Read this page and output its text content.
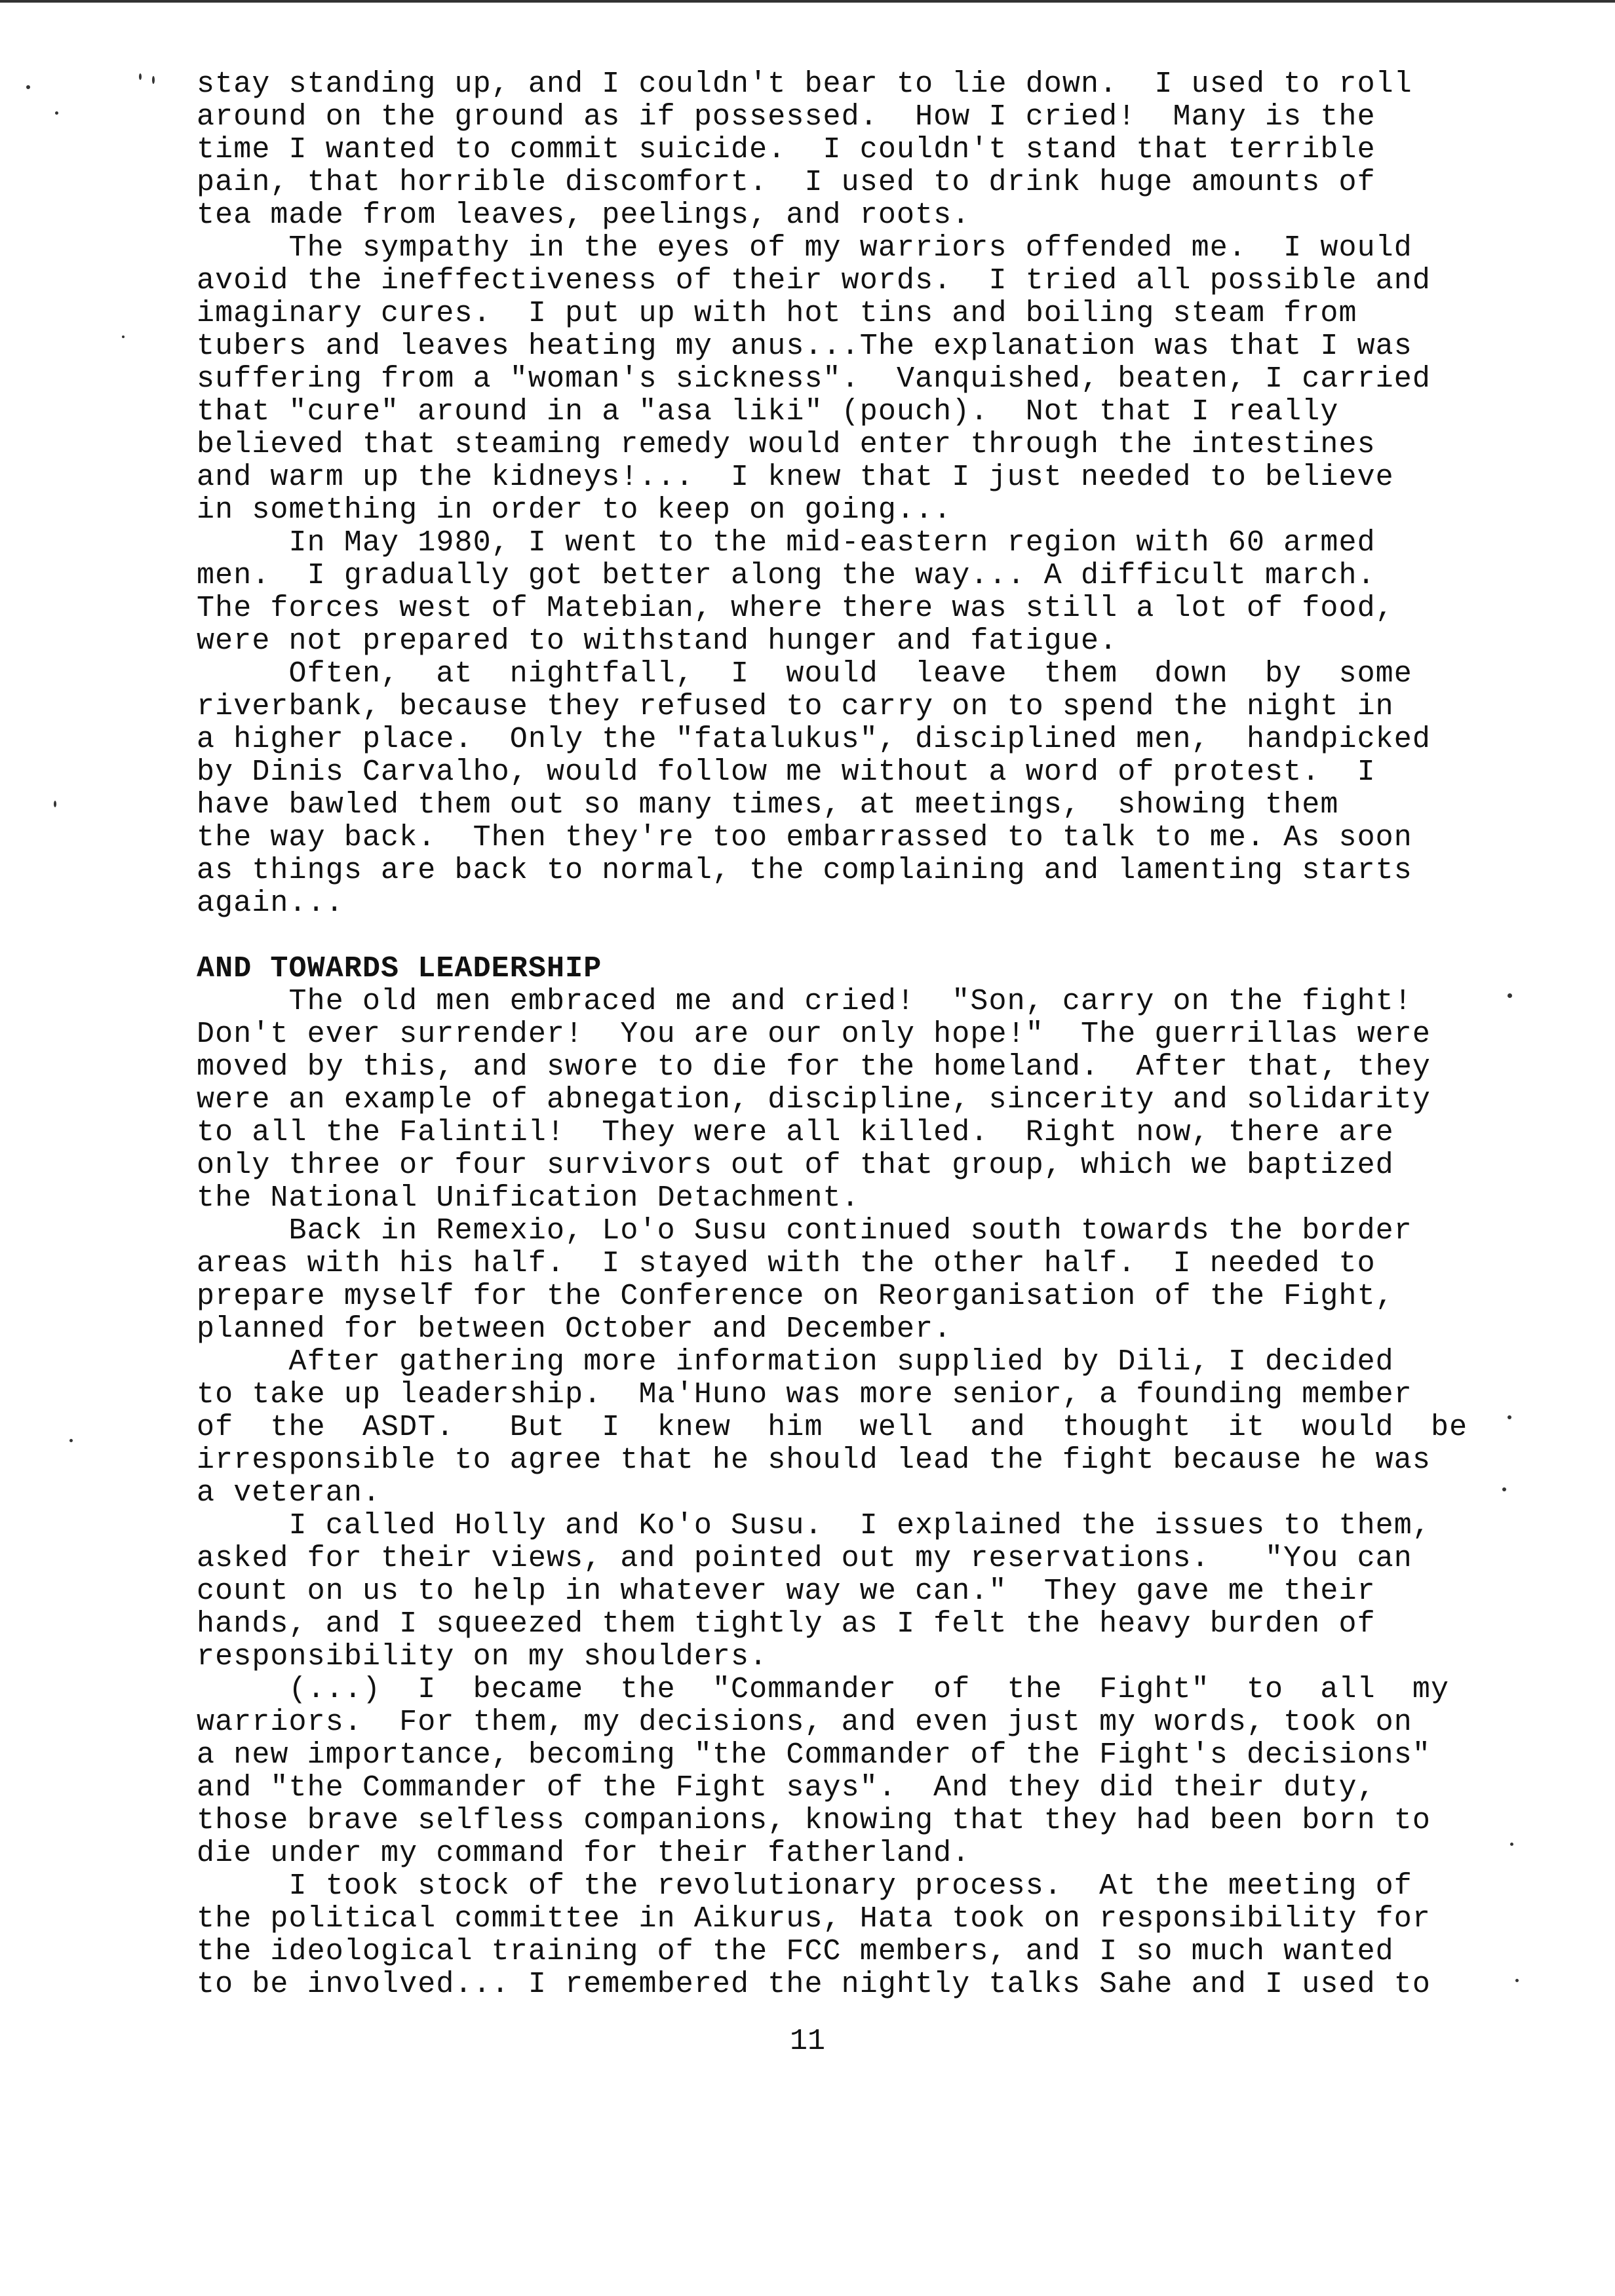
stay standing up, and I couldn't bear to lie down.  I used to roll
around on the ground as if possessed.  How I cried!  Many is the
time I wanted to commit suicide.  I couldn't stand that terrible
pain, that horrible discomfort.  I used to drink huge amounts of
tea made from leaves, peelings, and roots.
The sympathy in the eyes of my warriors offended me.  I would
avoid the ineffectiveness of their words.  I tried all possible and
imaginary cures.  I put up with hot tins and boiling steam from
tubers and leaves heating my anus...The explanation was that I was
suffering from a "woman's sickness".  Vanquished, beaten, I carried
that "cure" around in a "asa liki" (pouch).  Not that I really
believed that steaming remedy would enter through the intestines
and warm up the kidneys!...  I knew that I just needed to believe
in something in order to keep on going...
In May 1980, I went to the mid-eastern region with 60 armed
men.  I gradually got better along the way... A difficult march.
The forces west of Matebian, where there was still a lot of food,
were not prepared to withstand hunger and fatigue.
Often,  at  nightfall,  I  would  leave  them  down  by  some
riverbank, because they refused to carry on to spend the night in
a higher place.  Only the "fatalukus", disciplined men,  handpicked
by Dinis Carvalho, would follow me without a word of protest.  I
have bawled them out so many times, at meetings,  showing them
the way back.  Then they're too embarrassed to talk to me. As soon
as things are back to normal, the complaining and lamenting starts
again...
AND TOWARDS LEADERSHIP
The old men embraced me and cried!  "Son, carry on the fight!
Don't ever surrender!  You are our only hope!"  The guerrillas were
moved by this, and swore to die for the homeland.  After that, they
were an example of abnegation, discipline, sincerity and solidarity
to all the Falintil!  They were all killed.  Right now, there are
only three or four survivors out of that group, which we baptized
the National Unification Detachment.
Back in Remexio, Lo'o Susu continued south towards the border
areas with his half.  I stayed with the other half.  I needed to
prepare myself for the Conference on Reorganisation of the Fight,
planned for between October and December.
After gathering more information supplied by Dili, I decided
to take up leadership.  Ma'Huno was more senior, a founding member
of  the  ASDT.   But  I  knew  him  well  and  thought  it  would  be
irresponsible to agree that he should lead the fight because he was
a veteran.
I called Holly and Ko'o Susu.  I explained the issues to them,
asked for their views, and pointed out my reservations.   "You can
count on us to help in whatever way we can."  They gave me their
hands, and I squeezed them tightly as I felt the heavy burden of
responsibility on my shoulders.
(...)  I  became  the  "Commander  of  the  Fight"  to  all  my
warriors.  For them, my decisions, and even just my words, took on
a new importance, becoming "the Commander of the Fight's decisions"
and "the Commander of the Fight says".  And they did their duty,
those brave selfless companions, knowing that they had been born to
die under my command for their fatherland.
I took stock of the revolutionary process.  At the meeting of
the political committee in Aikurus, Hata took on responsibility for
the ideological training of the FCC members, and I so much wanted
to be involved... I remembered the nightly talks Sahe and I used to
11
